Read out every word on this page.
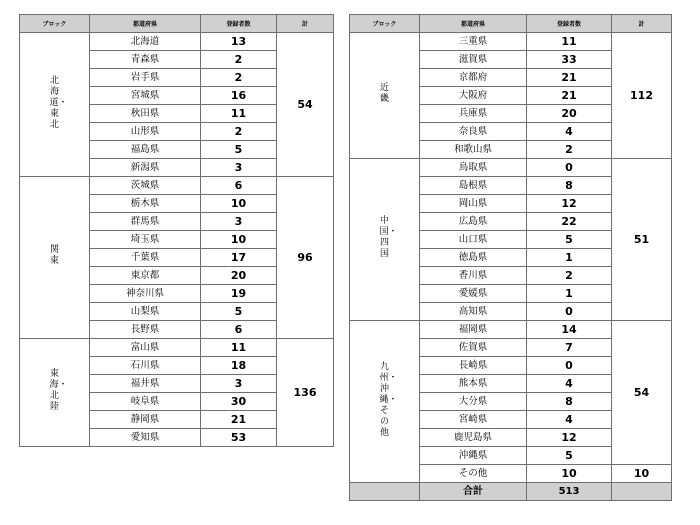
ブロック	都道府県	登録者数	計
北海道・東北	北海道	13	54
	青森県	2	
	岩手県	2	
	宮城県	16	
	秋田県	11	
	山形県	2	
	福島県	5	
	新潟県	3	
関東	茨城県	6	96
	栃木県	10	
	群馬県	3	
	埼玉県	10	
	千葉県	17	
	東京都	20	
	神奈川県	19	
	山梨県	5	
	長野県	6	
東海・北陸	富山県	11	136
	石川県	18	
	福井県	3	
	岐阜県	30	
	静岡県	21	
	愛知県	53	
ブロック	都道府県	登録者数	計
近畿	三重県	11	112
	滋賀県	33	
	京都府	21	
	大阪府	21	
	兵庫県	20	
	奈良県	4	
	和歌山県	2	
中国・四国	鳥取県	0	51
	島根県	8	
	岡山県	12	
	広島県	22	
	山口県	5	
	徳島県	1	
	香川県	2	
	愛媛県	1	
	高知県	0	
九州・沖縄・その他	福岡県	14	54
	佐賀県	7	
	長崎県	0	
	熊本県	4	
	大分県	8	
	宮崎県	4	
	鹿児島県	12	
	沖縄県	5	
	その他	10	10
	合計	513	
